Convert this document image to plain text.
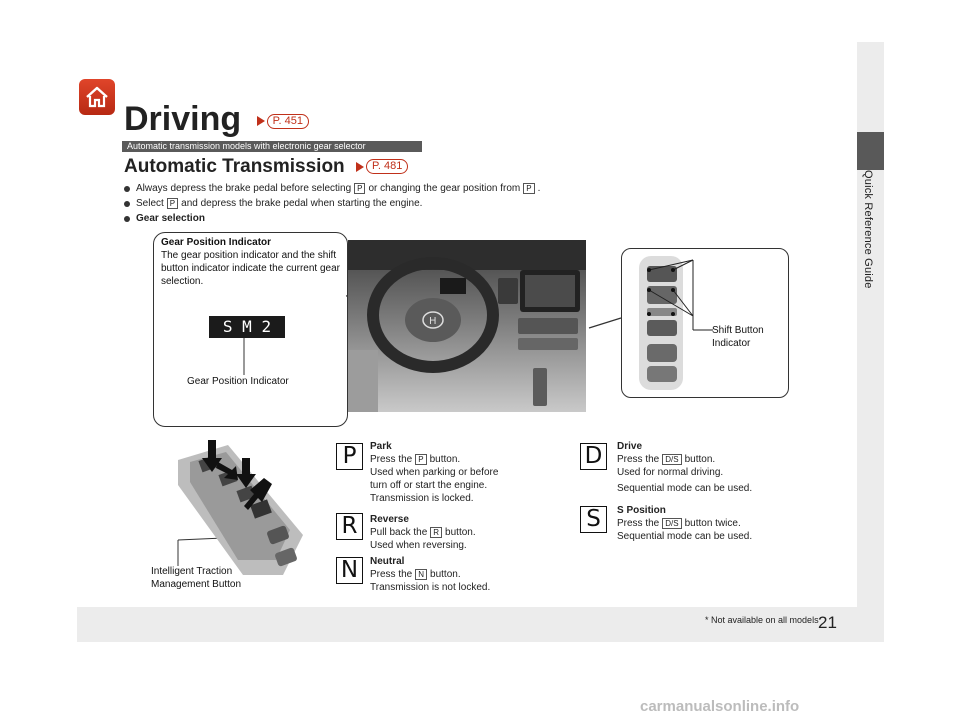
Quick Reference Guide
21
Driving	P. 451
Automatic transmission models with electronic gear selector
Automatic Transmission	P. 481
Always depress the brake pedal before selecting P or changing the gear position from P .
Select P and depress the brake pedal when starting the engine.
Gear selection
Gear Position Indicator
The gear position indicator and the shift button indicator indicate the current gear selection.
S M 2
Gear Position Indicator
H
Shift Button
Indicator
Intelligent Traction
Management Button
P	Park
Press the P button.
Used when parking or before
turn off or start the engine.
Transmission is locked.
R	Reverse
Pull back the R button.
Used when reversing.
N	Neutral
Press the N button.
Transmission is not locked.
D	Drive
Press the D/S button.
Used for normal driving.
Sequential mode can be used.
S	S Position
Press the D/S button twice.
Sequential mode can be used.
* Not available on all models
carmanualsonline.info
